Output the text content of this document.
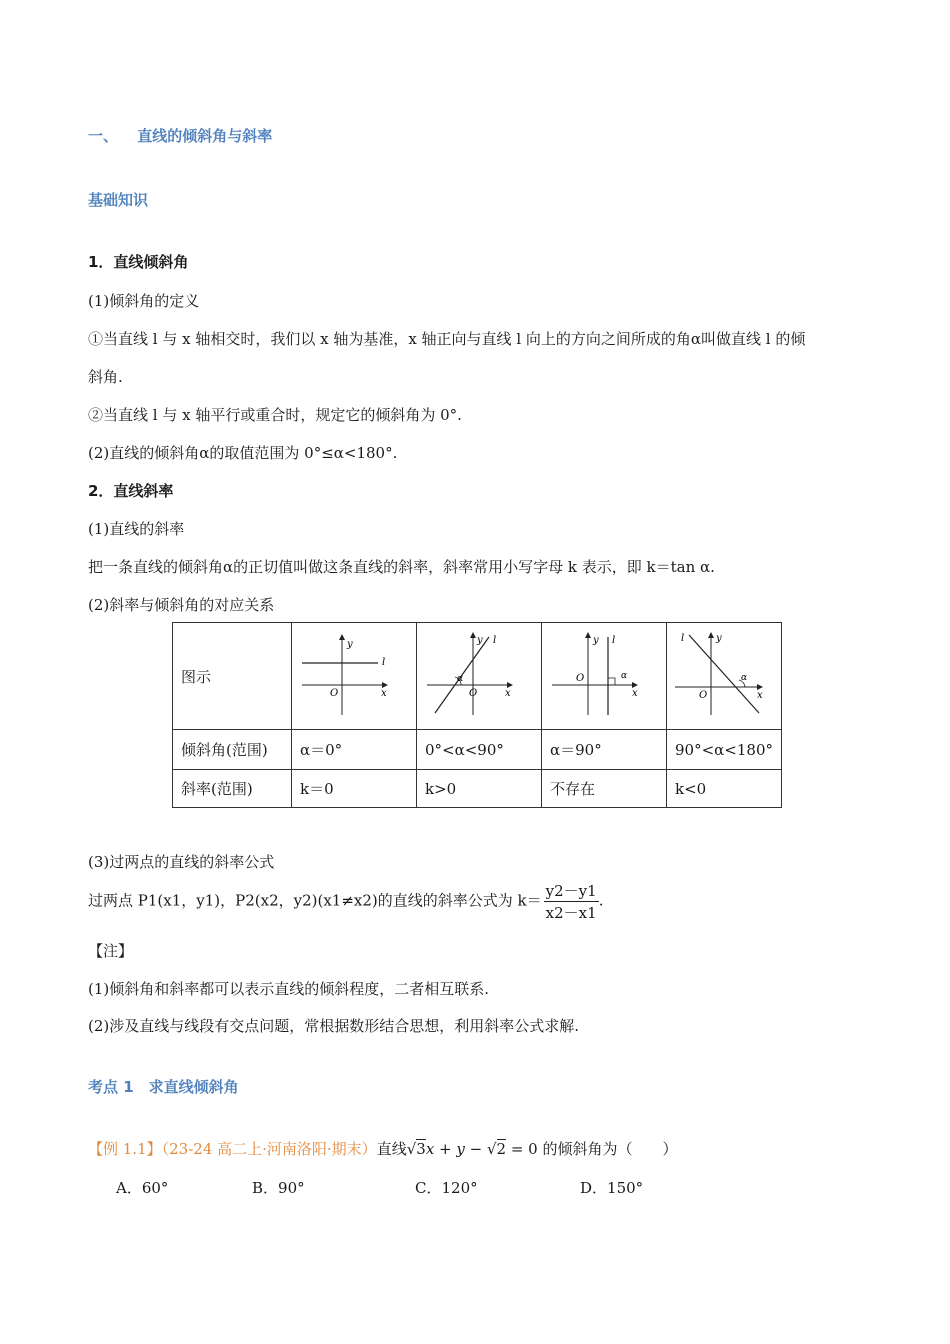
一、 直线的倾斜角与斜率
基础知识
1．直线倾斜角
(1)倾斜角的定义
①当直线 l 与 x 轴相交时，我们以 x 轴为基准，x 轴正向与直线 l 向上的方向之间所成的角α叫做直线 l 的倾
斜角.
②当直线 l 与 x 轴平行或重合时，规定它的倾斜角为 0°.
(2)直线的倾斜角α的取值范围为 0°≤α<180°.
2．直线斜率
(1)直线的斜率
把一条直线的倾斜角α的正切值叫做这条直线的斜率，斜率常用小写字母 k 表示，即 k＝tan α.
(2)斜率与倾斜角的对应关系
图示	y
l
O x	y l
α
O x	y l
α
O
x	y
l
α
O x

倾斜角(范围)	α＝0°	0°<α<90°	α＝90°	90°<α<180°
斜率(范围)	k＝0	k>0	不存在	k<0
(3)过两点的直线的斜率公式
过两点 P1(x1，y1)，P2(x2，y2)(x1≠x2)的直线的斜率公式为 $k= \frac{y2-y1}{x2-x1}$ .
【注】
(1)倾斜角和斜率都可以表示直线的倾斜程度，二者相互联系.
(2)涉及直线与线段有交点问题，常根据数形结合思想，利用斜率公式求解.
考点 1　求直线倾斜角
【例 1.1】（23-24 高二上·河南洛阳·期末）直线√3𝑥 + 𝑦 − √2 = 0 的倾斜角为（　　）
A．60°	B．90°	C．120°	D．150°
